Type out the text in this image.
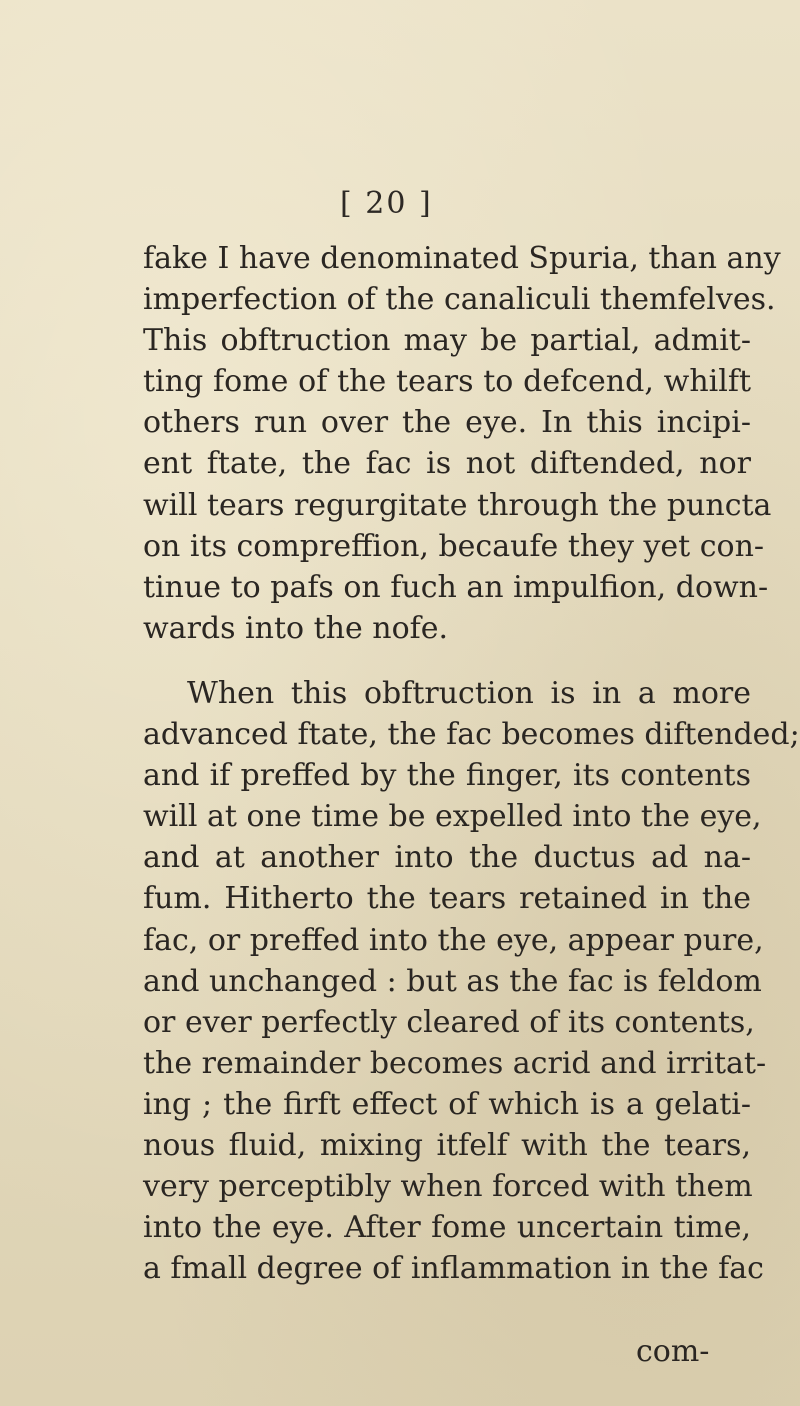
[ 20 ]
fake I have denominated Spuria, than any
imperfection of the canaliculi themfelves.
This obftruction may be partial, admit-
ting fome of the tears to defcend, whilft
others run over the eye. In this incipi-
ent ftate, the fac is not diftended, nor
will tears regurgitate through the puncta
on its compreffion, becaufe they yet con-
tinue to pafs on fuch an impulfion, down-
wards into the nofe.
When this obftruction is in a more
advanced ftate, the fac becomes diftended;
and if preffed by the finger, its contents
will at one time be expelled into the eye,
and at another into the ductus ad na-
fum. Hitherto the tears retained in the
fac, or preffed into the eye, appear pure,
and unchanged : but as the fac is feldom
or ever perfectly cleared of its contents,
the remainder becomes acrid and irritat-
ing ; the firft effect of which is a gelati-
nous fluid, mixing itfelf with the tears,
very perceptibly when forced with them
into the eye. After fome uncertain time,
a fmall degree of inflammation in the fac
com-
